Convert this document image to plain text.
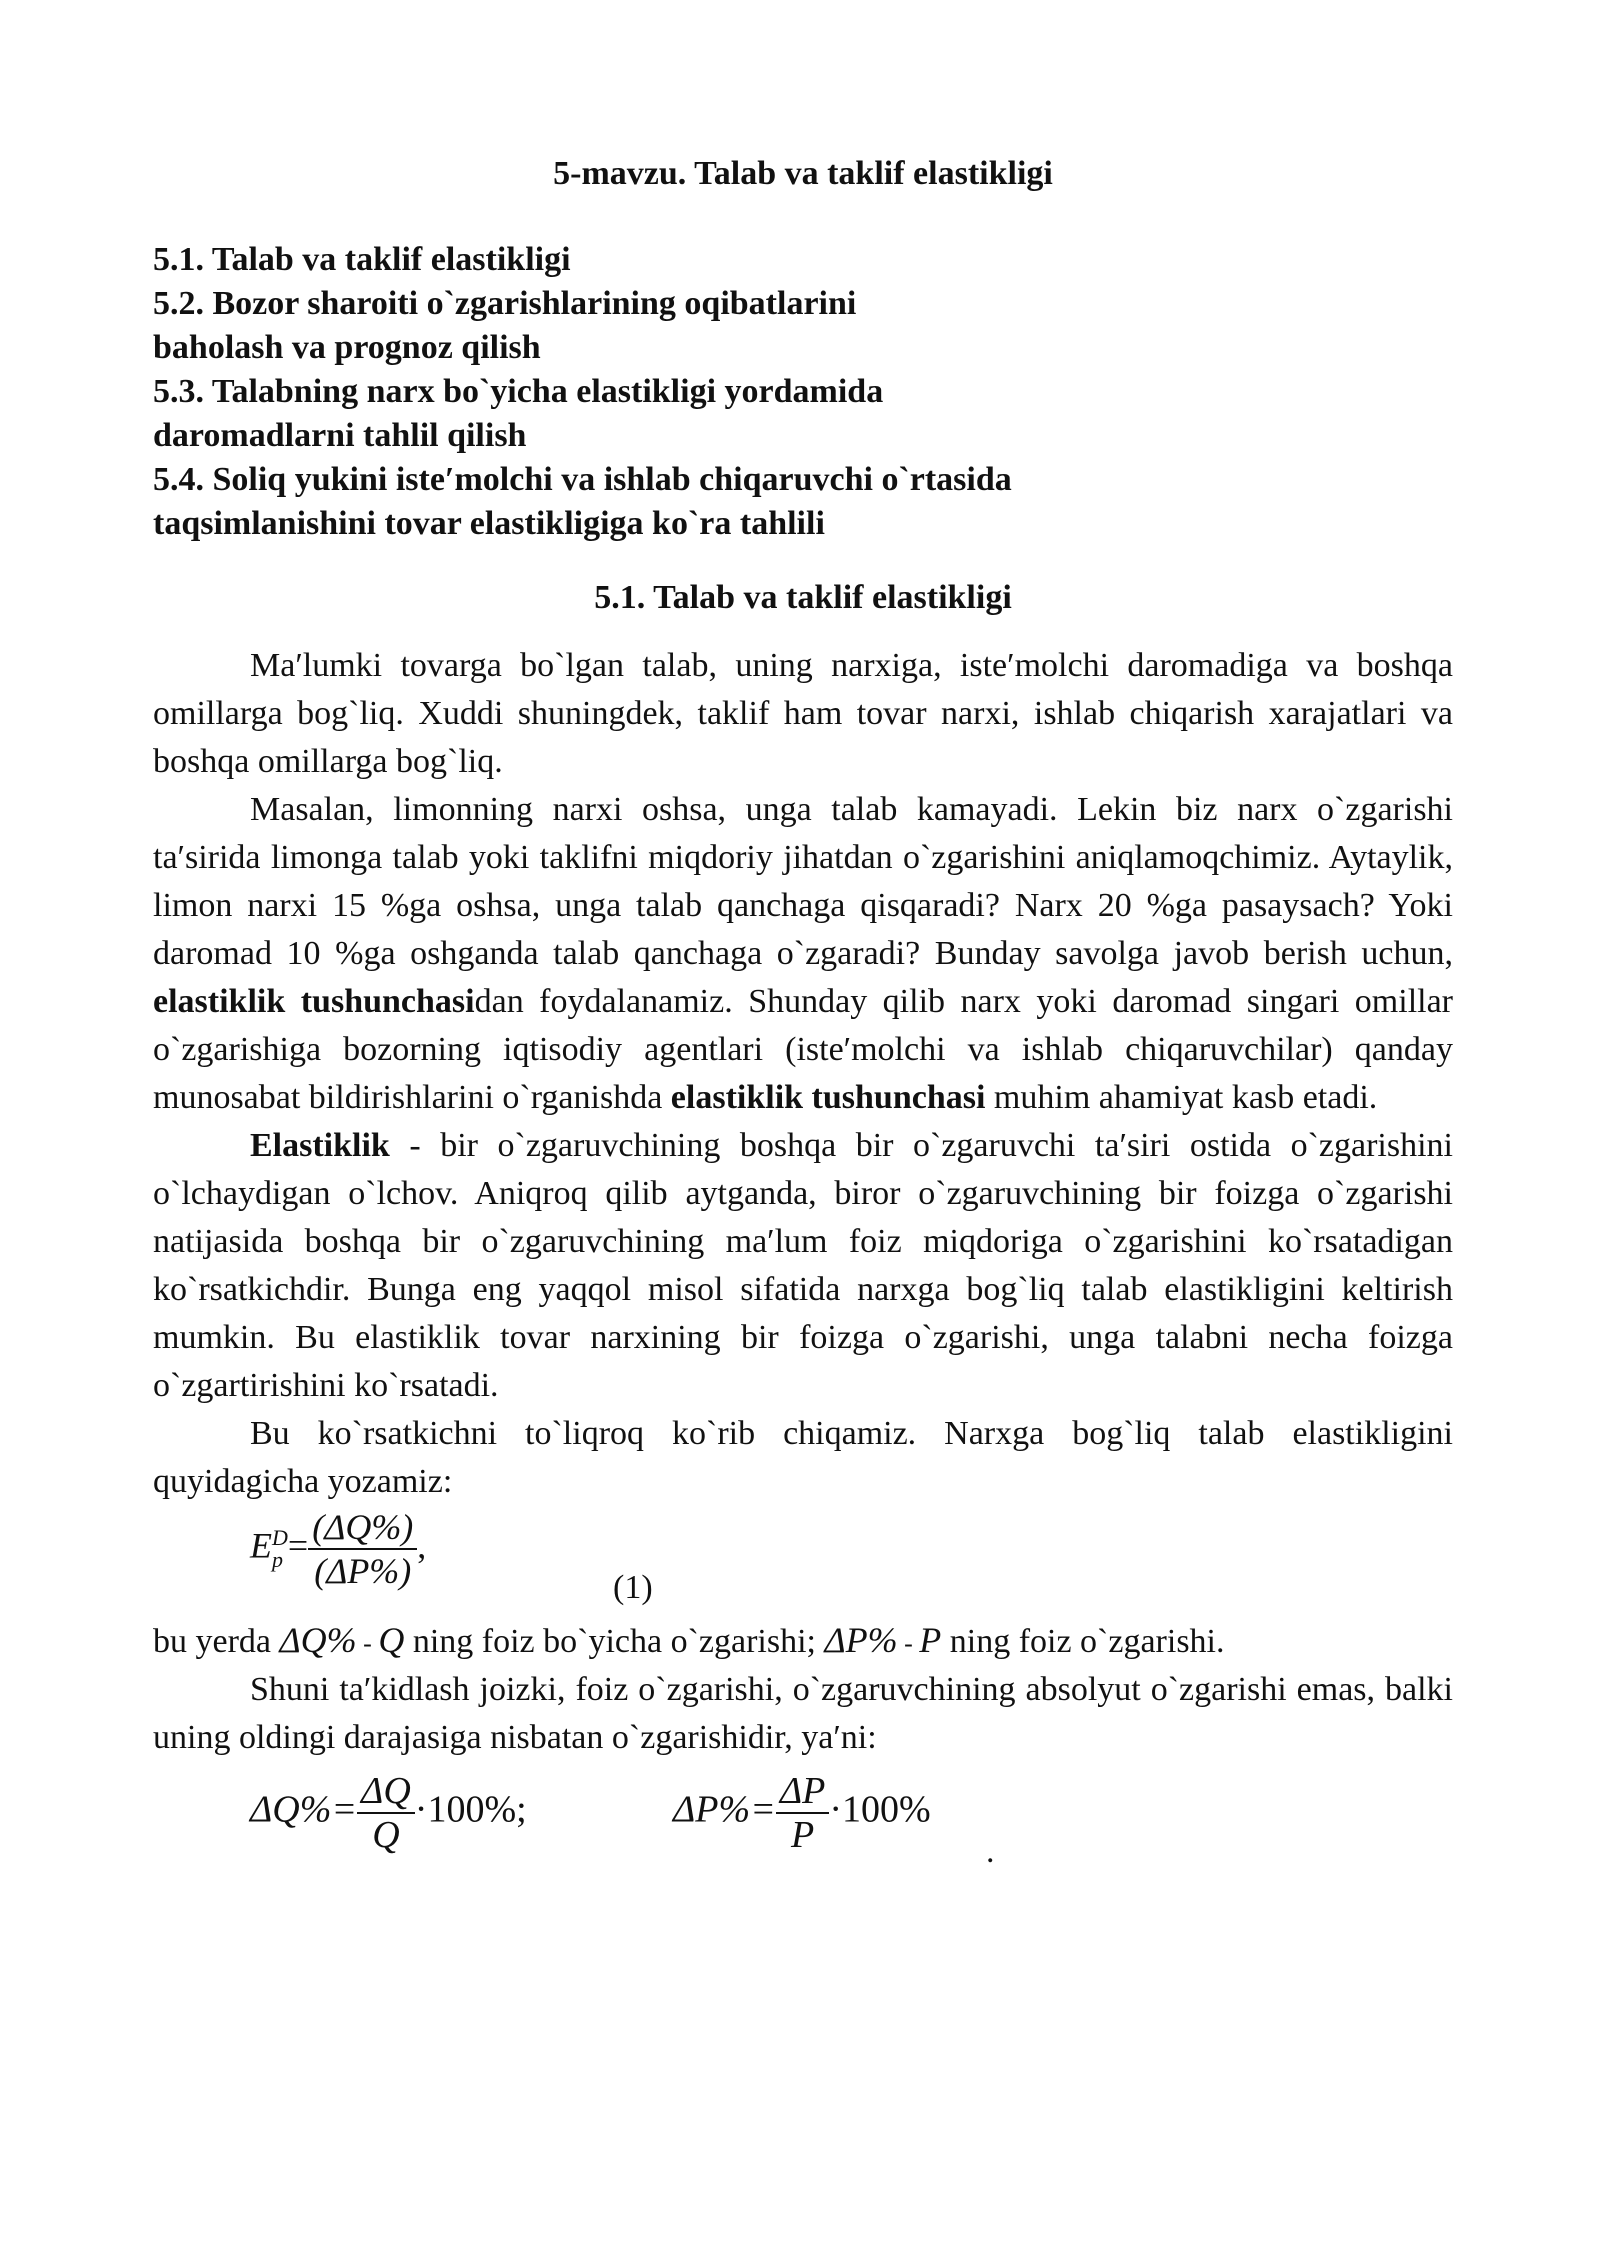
5-mavzu. Talab va taklif elastikligi
5.1. Talab va taklif elastikligi
5.2. Bozor sharoiti o`zgarishlarining oqibatlarini
baholash va prognoz qilish
5.3. Talabning narx bo`yicha elastikligi yordamida
daromadlarni tahlil qilish
5.4. Soliq yukini iste′molchi va ishlab chiqaruvchi o`rtasida
taqsimlanishini tovar elastikligiga ko`ra tahlili
5.1. Talab va taklif elastikligi

Ma′lumki tovarga bo`lgan talab, uning narxiga, iste′molchi daromadiga va boshqa omillarga bog`liq. Xuddi shuningdek, taklif ham tovar narxi, ishlab chiqarish xarajatlari va boshqa omillarga bog`liq.

Masalan, limonning narxi oshsa, unga talab kamayadi. Lekin biz narx o`zgarishi ta′sirida limonga talab yoki taklifni miqdoriy jihatdan o`zgarishini aniqlamoqchimiz. Aytaylik, limon narxi 15 %ga oshsa, unga talab qanchaga qisqaradi? Narx 20 %ga pasaysach? Yoki daromad 10 %ga oshganda talab qanchaga o`zgaradi? Bunday savolga javob berish uchun, elastiklik tushunchasidan foydalanamiz. Shunday qilib narx yoki daromad singari omillar o`zgarishiga bozorning iqtisodiy agentlari (iste′molchi va ishlab chiqaruvchilar) qanday munosabat bildirishlarini o`rganishda elastiklik tushunchasi muhim ahamiyat kasb etadi.

Elastiklik - bir o`zgaruvchining boshqa bir o`zgaruvchi ta′siri ostida o`zgarishini o`lchaydigan o`lchov. Aniqroq qilib aytganda, biror o`zgaruvchining bir foizga o`zgarishi natijasida boshqa bir o`zgaruvchining ma′lum foiz miqdoriga o`zgarishini ko`rsatadigan ko`rsatkichdir. Bunga eng yaqqol misol sifatida narxga bog`liq talab elastikligini keltirish mumkin. Bu elastiklik tovar narxining bir foizga o`zgarishi, unga talabni necha foizga o`zgartirishini ko`rsatadi.

Bu ko`rsatkichni to`liqroq ko`rib chiqamiz. Narxga bog`liq talab elastikligini quyidagicha yozamiz:

E D
$p = \frac{(\Delta Q\%)}{(\Delta P\%)}$ ,
(1)
bu yerda ΔQ% - Q ning foiz bo`yicha o`zgarishi; ΔP% - P ning foiz o`zgarishi.

Shuni ta′kidlash joizki, foiz o`zgarishi, o`zgaruvchining absolyut o`zgarishi emas, balki uning oldingi darajasiga nisbatan o`zgarishidir, ya′ni:

$\Delta Q\%= \frac{\Delta Q}{Q} \cdot 100\%$;	$\Delta P\%= \frac{\Delta P}{P} \cdot 100\%$
.
